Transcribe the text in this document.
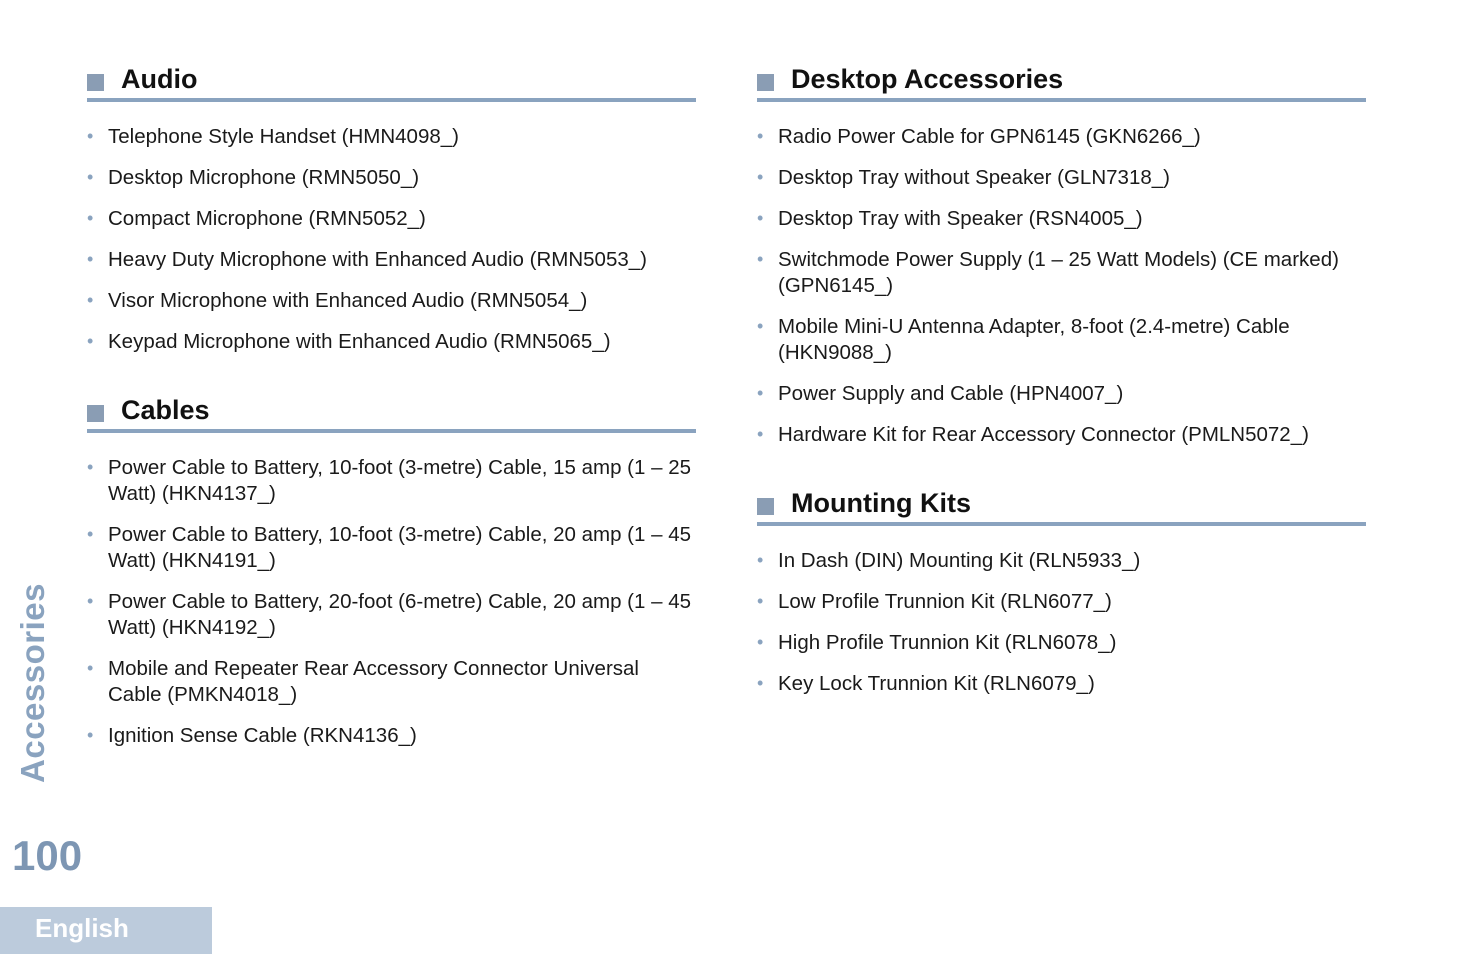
Audio
• Telephone Style Handset (HMN4098_)
• Desktop Microphone (RMN5050_)
• Compact Microphone (RMN5052_)
• Heavy Duty Microphone with Enhanced Audio (RMN5053_)
• Visor Microphone with Enhanced Audio (RMN5054_)
• Keypad Microphone with Enhanced Audio (RMN5065_)
Cables
• Power Cable to Battery, 10-foot (3-metre) Cable, 15 amp (1 – 25 Watt) (HKN4137_)
• Power Cable to Battery, 10-foot (3-metre) Cable, 20 amp (1 – 45 Watt) (HKN4191_)
• Power Cable to Battery, 20-foot (6-metre) Cable, 20 amp (1 – 45 Watt) (HKN4192_)
• Mobile and Repeater Rear Accessory Connector Universal Cable (PMKN4018_)
• Ignition Sense Cable (RKN4136_)
Desktop Accessories
• Radio Power Cable for GPN6145 (GKN6266_)
• Desktop Tray without Speaker (GLN7318_)
• Desktop Tray with Speaker (RSN4005_)
• Switchmode Power Supply (1 – 25 Watt Models) (CE marked) (GPN6145_)
• Mobile Mini-U Antenna Adapter, 8-foot (2.4-metre) Cable (HKN9088_)
• Power Supply and Cable (HPN4007_)
• Hardware Kit for Rear Accessory Connector (PMLN5072_)
Mounting Kits
• In Dash (DIN) Mounting Kit (RLN5933_)
• Low Profile Trunnion Kit (RLN6077_)
• High Profile Trunnion Kit (RLN6078_)
• Key Lock Trunnion Kit (RLN6079_)
Accessories
100
English
